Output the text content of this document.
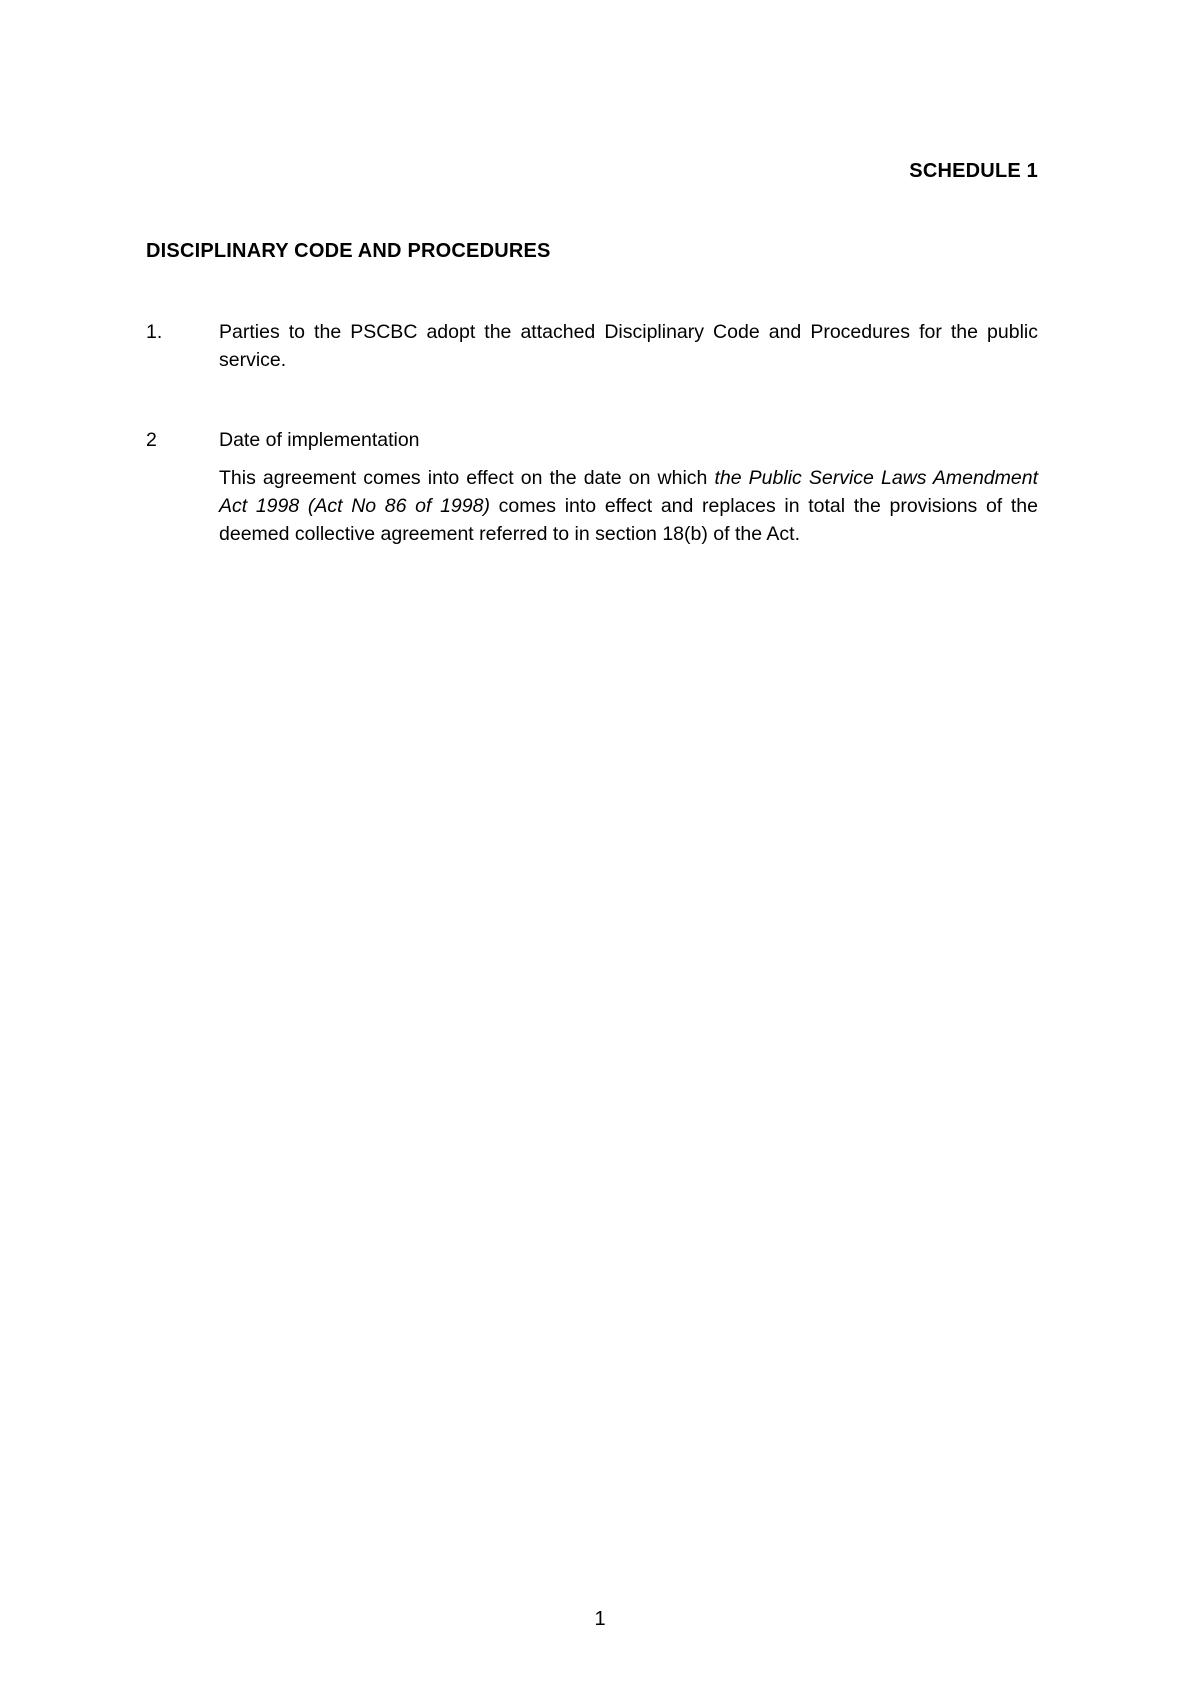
SCHEDULE 1
DISCIPLINARY CODE AND PROCEDURES
1.	Parties to the PSCBC adopt the attached Disciplinary Code and Procedures for the public service.
2	Date of implementation
This agreement comes into effect on the date on which the Public Service Laws Amendment Act 1998 (Act No 86 of 1998) comes into effect and replaces in total the provisions of the deemed collective agreement referred to in section 18(b) of the Act.
1
